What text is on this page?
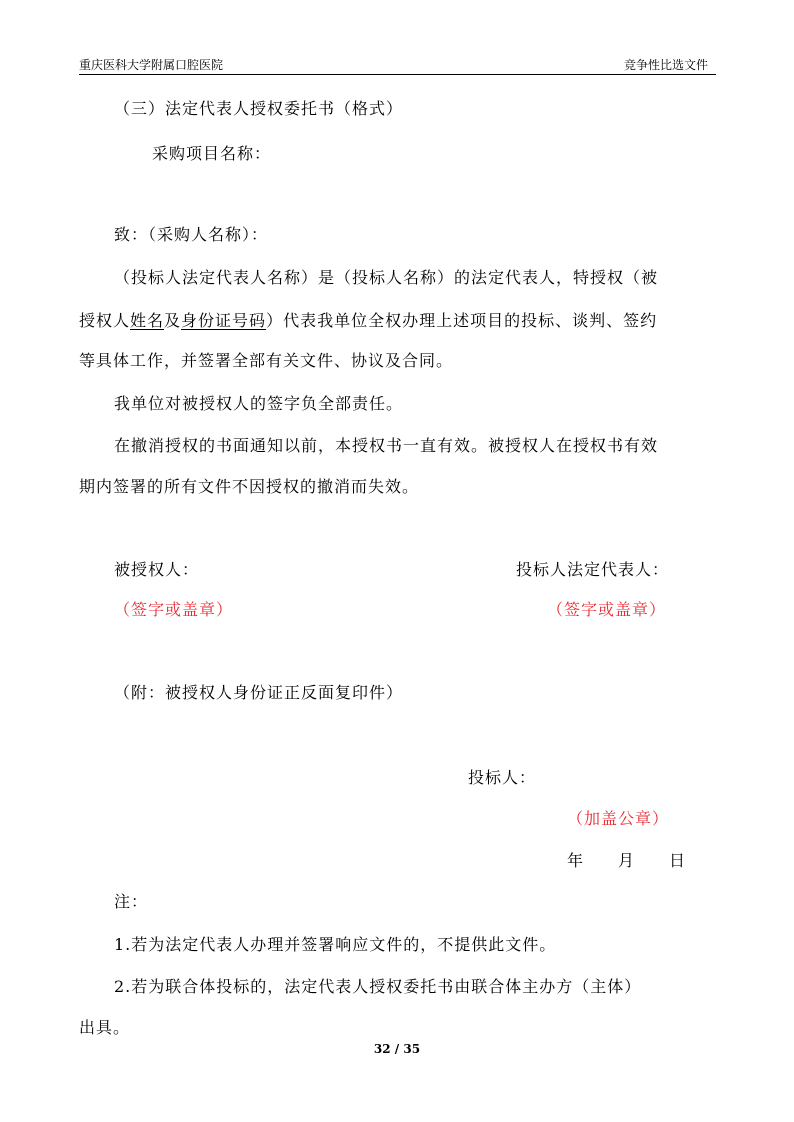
重庆医科大学附属口腔医院	竞争性比选文件
（三）法定代表人授权委托书（格式）
采购项目名称：
致：（采购人名称）：
（投标人法定代表人名称）是（投标人名称）的法定代表人，特授权（被
授权人姓名及身份证号码）代表我单位全权办理上述项目的投标、谈判、签约
等具体工作，并签署全部有关文件、协议及合同。
我单位对被授权人的签字负全部责任。
在撤消授权的书面通知以前，本授权书一直有效。被授权人在授权书有效
期内签署的所有文件不因授权的撤消而失效。
被授权人：	投标人法定代表人：
（签字或盖章）	（签字或盖章）
（附：被授权人身份证正反面复印件）
投标人：
（加盖公章）
年　　月　　日
注：
1.若为法定代表人办理并签署响应文件的，不提供此文件。
2.若为联合体投标的，法定代表人授权委托书由联合体主办方（主体）
出具。
32 / 35
